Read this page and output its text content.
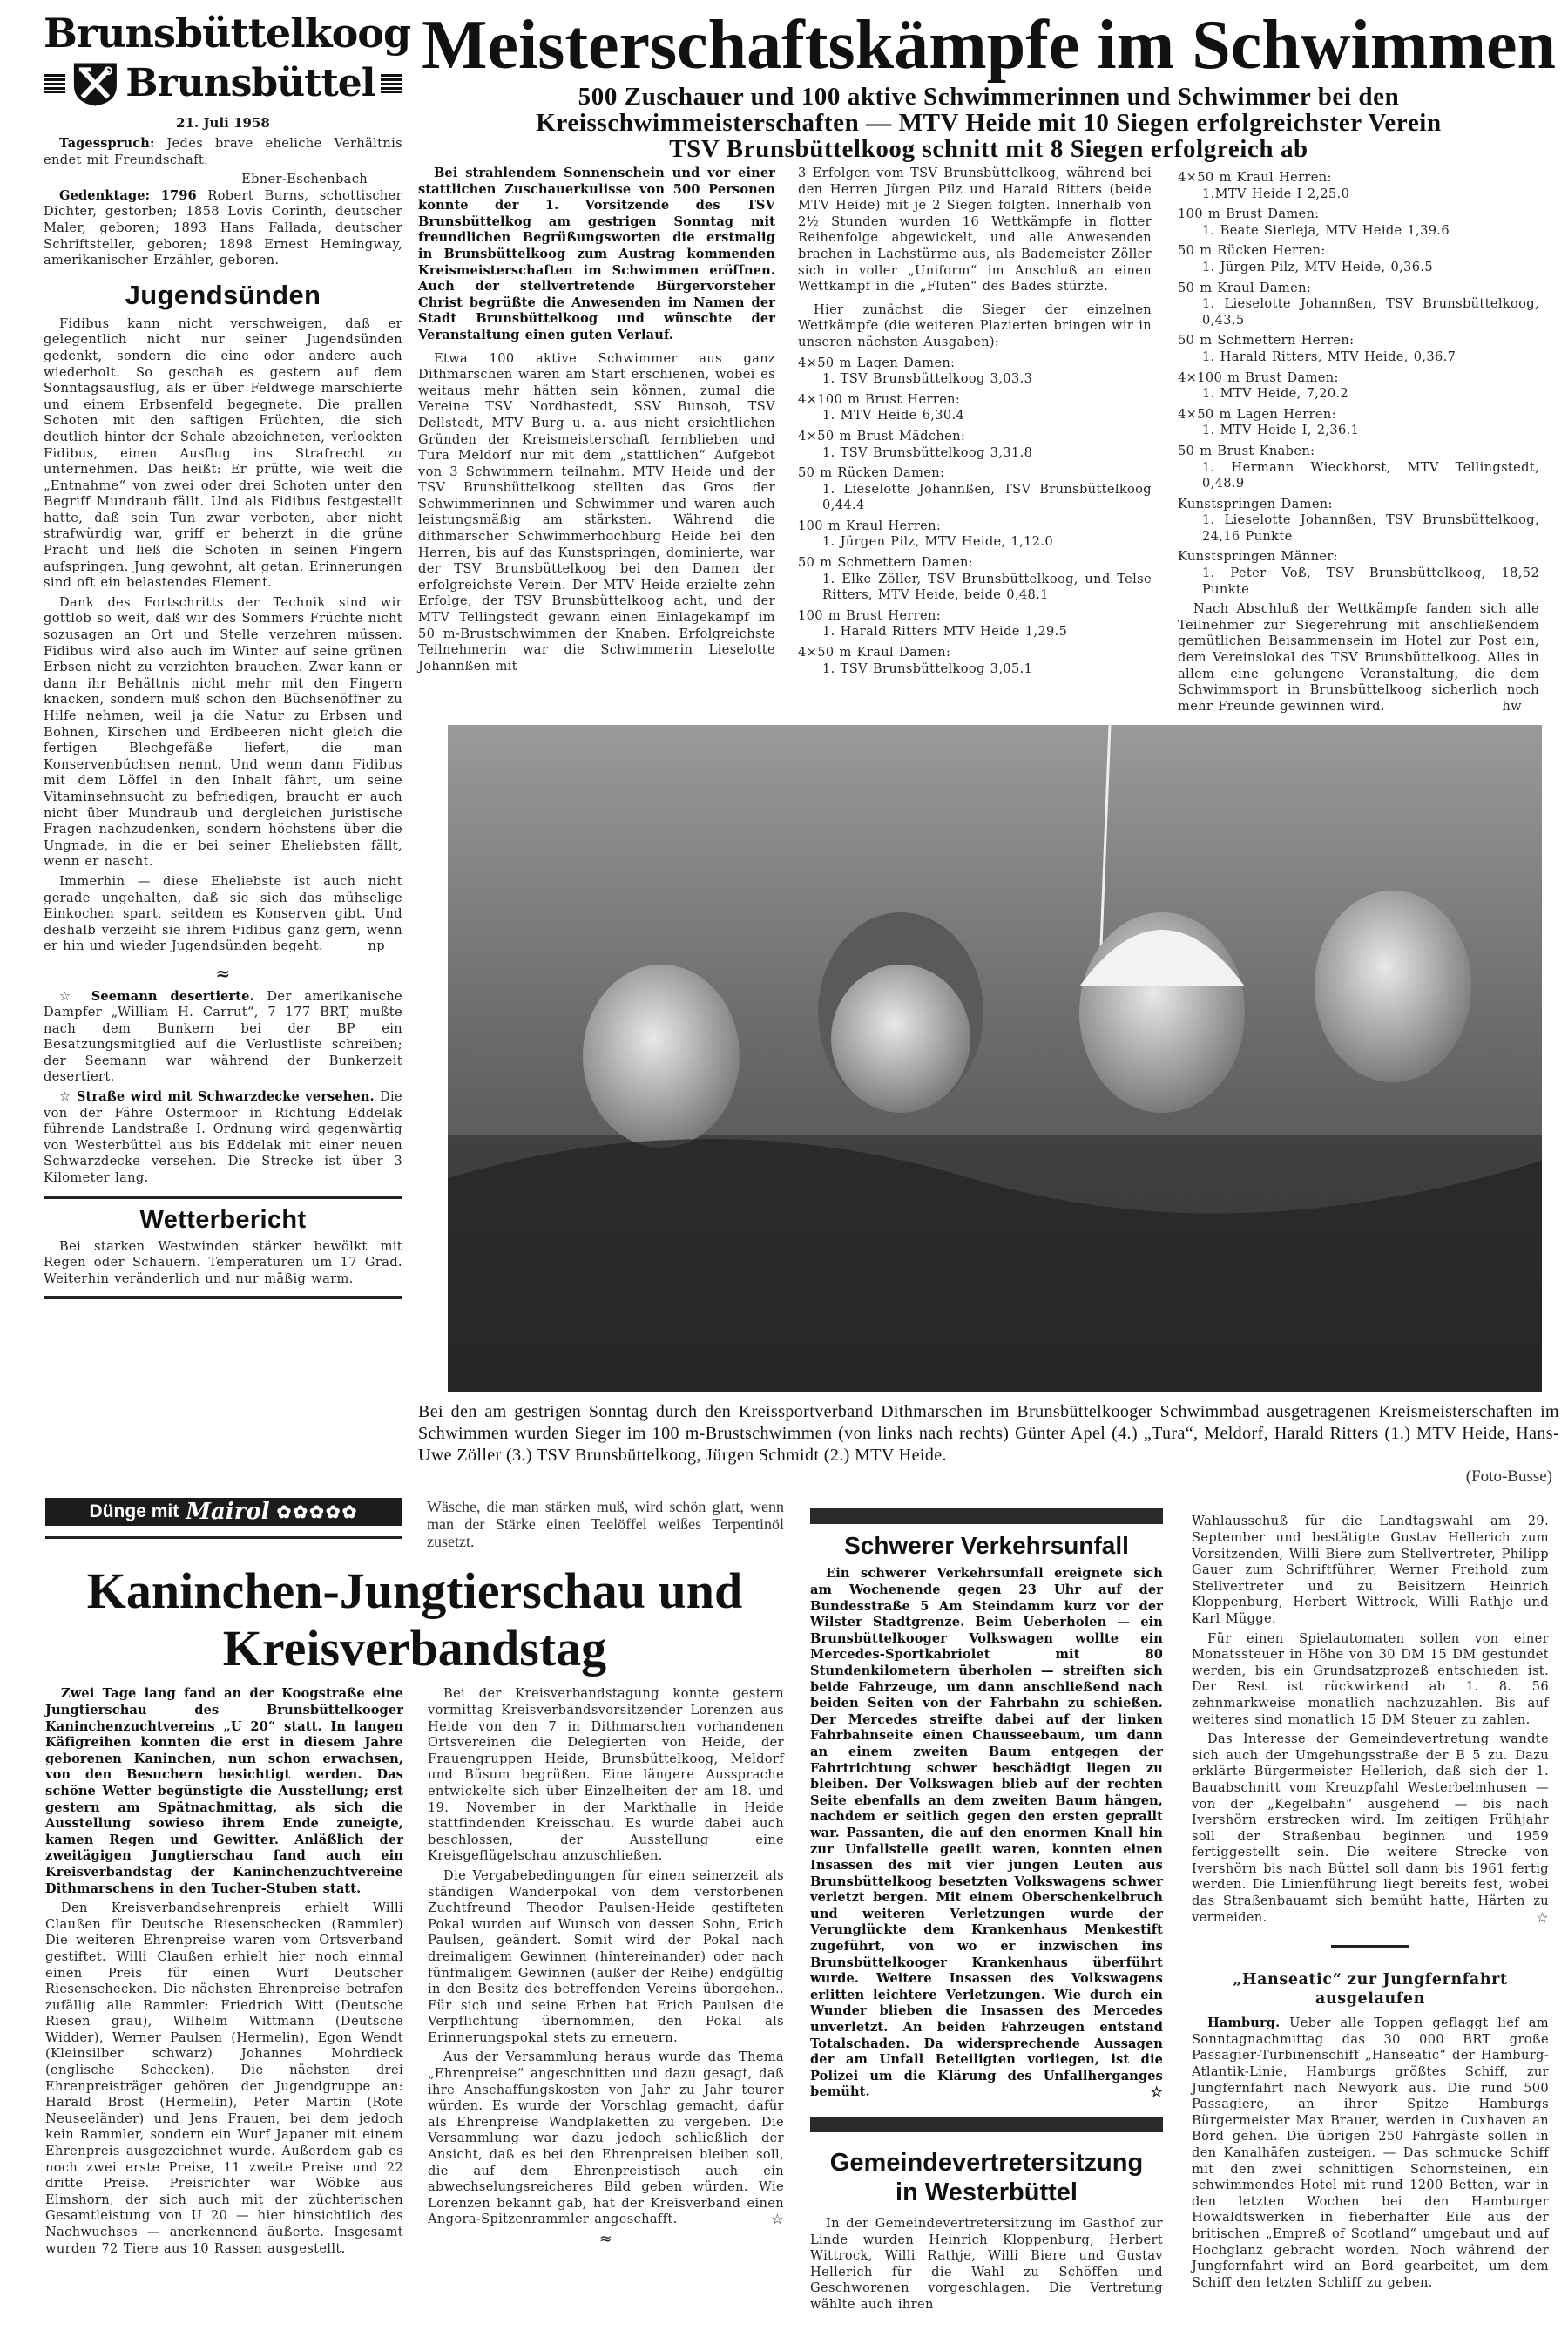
Brunsbüttelkoog
Brunsbüttel
21. Juli 1958

Tagesspruch: Jedes brave eheliche Verhältnis endet mit Freundschaft.

Ebner-Eschenbach

Gedenktage: 1796 Robert Burns, schottischer Dichter, gestorben; 1858 Lovis Corinth, deutscher Maler, geboren; 1893 Hans Fallada, deutscher Schriftsteller, geboren; 1898 Ernest Hemingway, amerikanischer Erzähler, geboren.

Jugendsünden

Fidibus kann nicht verschweigen, daß er gelegentlich nicht nur seiner Jugendsünden gedenkt, sondern die eine oder andere auch wiederholt. So geschah es gestern auf dem Sonntagsausflug, als er über Feldwege marschierte und einem Erbsenfeld begegnete. Die prallen Schoten mit den saftigen Früchten, die sich deutlich hinter der Schale abzeichneten, verlockten Fidibus, einen Ausflug ins Strafrecht zu unternehmen. Das heißt: Er prüfte, wie weit die „Entnahme“ von zwei oder drei Schoten unter den Begriff Mundraub fällt. Und als Fidibus festgestellt hatte, daß sein Tun zwar verboten, aber nicht strafwürdig war, griff er beherzt in die grüne Pracht und ließ die Schoten in seinen Fingern aufspringen. Jung gewohnt, alt getan. Erinnerungen sind oft ein belastendes Element.

Dank des Fortschritts der Technik sind wir gottlob so weit, daß wir des Sommers Früchte nicht sozusagen an Ort und Stelle verzehren müssen. Fidibus wird also auch im Winter auf seine grünen Erbsen nicht zu verzichten brauchen. Zwar kann er dann ihr Behältnis nicht mehr mit den Fingern knacken, sondern muß schon den Büchsenöffner zu Hilfe nehmen, weil ja die Natur zu Erbsen und Bohnen, Kirschen und Erdbeeren nicht gleich die fertigen Blechgefäße liefert, die man Konservenbüchsen nennt. Und wenn dann Fidibus mit dem Löffel in den Inhalt fährt, um seine Vitaminsehnsucht zu befriedigen, braucht er auch nicht über Mundraub und dergleichen juristische Fragen nachzudenken, sondern höchstens über die Ungnade, in die er bei seiner Eheliebsten fällt, wenn er nascht.

Immerhin — diese Eheliebste ist auch nicht gerade ungehalten, daß sie sich das mühselige Einkochen spart, seitdem es Konserven gibt. Und deshalb verzeiht sie ihrem Fidibus ganz gern, wenn er hin und wieder Jugendsünden begeht.	np

≈

☆ Seemann desertierte. Der amerikanische Dampfer „William H. Carrut“, 7 177 BRT, mußte nach dem Bunkern bei der BP ein Besatzungsmitglied auf die Verlustliste schreiben; der Seemann war während der Bunkerzeit desertiert.

☆ Straße wird mit Schwarzdecke versehen. Die von der Fähre Ostermoor in Richtung Eddelak führende Landstraße I. Ordnung wird gegenwärtig von Westerbüttel aus bis Eddelak mit einer neuen Schwarzdecke versehen. Die Strecke ist über 3 Kilometer lang.

Wetterbericht

Bei starken Westwinden stärker bewölkt mit Regen oder Schauern. Temperaturen um 17 Grad. Weiterhin veränderlich und nur mäßig warm.

Meisterschaftskämpfe im Schwimmen
500 Zuschauer und 100 aktive Schwimmerinnen und Schwimmer bei den
Kreisschwimmeisterschaften — MTV Heide mit 10 Siegen erfolgreichster Verein
TSV Brunsbüttelkoog schnitt mit 8 Siegen erfolgreich ab

Bei strahlendem Sonnenschein und vor einer stattlichen Zuschauerkulisse von 500 Personen konnte der 1. Vorsitzende des TSV Brunsbüttelkog am gestrigen Sonntag mit freundlichen Begrüßungsworten die erstmalig in Brunsbüttelkoog zum Austrag kommenden Kreismeisterschaften im Schwimmen eröffnen. Auch der stellvertretende Bürgervorsteher Christ begrüßte die Anwesenden im Namen der Stadt Brunsbüttelkoog und wünschte der Veranstaltung einen guten Verlauf.

Etwa 100 aktive Schwimmer aus ganz Dithmarschen waren am Start erschienen, wobei es weitaus mehr hätten sein können, zumal die Vereine TSV Nordhastedt, SSV Bunsoh, TSV Dellstedt, MTV Burg u. a. aus nicht ersichtlichen Gründen der Kreismeisterschaft fernblieben und Tura Meldorf nur mit dem „stattlichen“ Aufgebot von 3 Schwimmern teilnahm. MTV Heide und der TSV Brunsbüttelkoog stellten das Gros der Schwimmerinnen und Schwimmer und waren auch leistungsmäßig am stärksten. Während die dithmarscher Schwimmerhochburg Heide bei den Herren, bis auf das Kunstspringen, dominierte, war der TSV Brunsbüttelkoog bei den Damen der erfolgreichste Verein. Der MTV Heide erzielte zehn Erfolge, der TSV Brunsbüttelkoog acht, und der MTV Tellingstedt gewann einen Einlagekampf im 50 m-Brustschwimmen der Knaben. Erfolgreichste Teilnehmerin war die Schwimmerin Lieselotte Johannßen mit

3 Erfolgen vom TSV Brunsbüttelkoog, während bei den Herren Jürgen Pilz und Harald Ritters (beide MTV Heide) mit je 2 Siegen folgten. Innerhalb von 2½ Stunden wurden 16 Wettkämpfe in flotter Reihenfolge abgewickelt, und alle Anwesenden brachen in Lachstürme aus, als Bademeister Zöller sich in voller „Uniform“ im Anschluß an einen Wettkampf in die „Fluten“ des Bades stürzte.

Hier zunächst die Sieger der einzelnen Wettkämpfe (die weiteren Plazierten bringen wir in unseren nächsten Ausgaben):

4×50 m Lagen Damen:

1. TSV Brunsbüttelkoog 3,03.3

4×100 m Brust Herren:

1. MTV Heide 6,30.4

4×50 m Brust Mädchen:

1. TSV Brunsbüttelkoog 3,31.8

50 m Rücken Damen:

1. Lieselotte Johannßen, TSV Brunsbüttelkoog 0,44.4

100 m Kraul Herren:

1. Jürgen Pilz, MTV Heide, 1,12.0

50 m Schmettern Damen:

1. Elke Zöller, TSV Brunsbüttelkoog, und Telse Ritters, MTV Heide, beide 0,48.1

100 m Brust Herren:

1. Harald Ritters MTV Heide 1,29.5

4×50 m Kraul Damen:

1. TSV Brunsbüttelkoog 3,05.1

4×50 m Kraul Herren:

1.MTV Heide I 2,25.0

100 m Brust Damen:

1. Beate Sierleja, MTV Heide 1,39.6

50 m Rücken Herren:

1. Jürgen Pilz, MTV Heide, 0,36.5

50 m Kraul Damen:

1. Lieselotte Johannßen, TSV Brunsbüttelkoog, 0,43.5

50 m Schmettern Herren:

1. Harald Ritters, MTV Heide, 0,36.7

4×100 m Brust Damen:

1. MTV Heide, 7,20.2

4×50 m Lagen Herren:

1. MTV Heide I, 2,36.1

50 m Brust Knaben:

1. Hermann Wieckhorst, MTV Tellingstedt, 0,48.9

Kunstspringen Damen:

1. Lieselotte Johannßen, TSV Brunsbüttelkoog, 24,16 Punkte

Kunstspringen Männer:

1. Peter Voß, TSV Brunsbüttelkoog, 18,52 Punkte

Nach Abschluß der Wettkämpfe fanden sich alle Teilnehmer zur Siegerehrung mit anschließendem gemütlichen Beisammensein im Hotel zur Post ein, dem Vereinslokal des TSV Brunsbüttelkoog. Alles in allem eine gelungene Veranstaltung, die dem Schwimmsport in Brunsbüttelkoog sicherlich noch mehr Freunde gewinnen wird.	hw

Bei den am gestrigen Sonntag durch den Kreissportverband Dithmarschen im Brunsbüttelkooger Schwimmbad ausgetragenen Kreismeisterschaften im Schwimmen wurden Sieger im 100 m-Brustschwimmen (von links nach rechts) Günter Apel (4.) „Tura“, Meldorf, Harald Ritters (1.) MTV Heide, Hans-Uwe Zöller (3.) TSV Brunsbüttelkoog, Jürgen Schmidt (2.) MTV Heide.
(Foto-Busse)
Dünge mit Mairol ✿✿✿✿✿	Wäsche, die man stärken muß, wird schön glatt, wenn man der Stärke einen Teelöffel weißes Terpentinöl zusetzt.
Kaninchen-Jungtierschau und
Kreisverbandstag

Zwei Tage lang fand an der Koogstraße eine Jungtierschau des Brunsbüttelkooger Kaninchenzuchtvereins „U 20“ statt. In langen Käfigreihen konnten die erst in diesem Jahre geborenen Kaninchen, nun schon erwachsen, von den Besuchern besichtigt werden. Das schöne Wetter begünstigte die Ausstellung; erst gestern am Spätnachmittag, als sich die Ausstellung sowieso ihrem Ende zuneigte, kamen Regen und Gewitter. Anläßlich der zweitägigen Jungtierschau fand auch ein Kreisverbandstag der Kaninchenzuchtvereine Dithmarschens in den Tucher-Stuben statt.

Den Kreisverbandsehrenpreis erhielt Willi Claußen für Deutsche Riesenschecken (Rammler) Die weiteren Ehrenpreise waren vom Ortsverband gestiftet. Willi Claußen erhielt hier noch einmal einen Preis für einen Wurf Deutscher Riesenschecken. Die nächsten Ehrenpreise betrafen zufällig alle Rammler: Friedrich Witt (Deutsche Riesen grau), Wilhelm Wittmann (Deutsche Widder), Werner Paulsen (Hermelin), Egon Wendt (Kleinsilber schwarz) Johannes Mohrdieck (englische Schecken). Die nächsten drei Ehrenpreisträger gehören der Jugendgruppe an: Harald Brost (Hermelin), Peter Martin (Rote Neuseeländer) und Jens Frauen, bei dem jedoch kein Rammler, sondern ein Wurf Japaner mit einem Ehrenpreis ausgezeichnet wurde. Außerdem gab es noch zwei erste Preise, 11 zweite Preise und 22 dritte Preise. Preisrichter war Wöbke aus Elmshorn, der sich auch mit der züchterischen Gesamtleistung von U 20 — hier hinsichtlich des Nachwuchses — anerkennend äußerte. Insgesamt wurden 72 Tiere aus 10 Rassen ausgestellt.

Bei der Kreisverbandstagung konnte gestern vormittag Kreisverbandsvorsitzender Lorenzen aus Heide von den 7 in Dithmarschen vorhandenen Ortsvereinen die Delegierten von Heide, der Frauengruppen Heide, Brunsbüttelkoog, Meldorf und Büsum begrüßen. Eine längere Aussprache entwickelte sich über Einzelheiten der am 18. und 19. November in der Markthalle in Heide stattfindenden Kreisschau. Es wurde dabei auch beschlossen, der Ausstellung eine Kreisgeflügelschau anzuschließen.

Die Vergabebedingungen für einen seinerzeit als ständigen Wanderpokal von dem verstorbenen Zuchtfreund Theodor Paulsen-Heide gestifteten Pokal wurden auf Wunsch von dessen Sohn, Erich Paulsen, geändert. Somit wird der Pokal nach dreimaligem Gewinnen (hintereinander) oder nach fünfmaligem Gewinnen (außer der Reihe) endgültig in den Besitz des betreffenden Vereins übergehen.. Für sich und seine Erben hat Erich Paulsen die Verpflichtung übernommen, den Pokal als Erinnerungspokal stets zu erneuern.

Aus der Versammlung heraus wurde das Thema „Ehrenpreise“ angeschnitten und dazu gesagt, daß ihre Anschaffungskosten von Jahr zu Jahr teurer würden. Es wurde der Vorschlag gemacht, dafür als Ehrenpreise Wandplaketten zu vergeben. Die Versammlung war dazu jedoch schließlich der Ansicht, daß es bei den Ehrenpreisen bleiben soll, die auf dem Ehrenpreistisch auch ein abwechselungsreicheres Bild geben würden. Wie Lorenzen bekannt gab, hat der Kreisverband einen Angora-Spitzenrammler angeschafft.	☆

≈
Schwerer Verkehrsunfall

Ein schwerer Verkehrsunfall ereignete sich am Wochenende gegen 23 Uhr auf der Bundesstraße 5 Am Steindamm kurz vor der Wilster Stadtgrenze. Beim Ueberholen — ein Brunsbüttelkooger Volkswagen wollte ein Mercedes-Sportkabriolet mit 80 Stundenkilometern überholen — streiften sich beide Fahrzeuge, um dann anschließend nach beiden Seiten von der Fahrbahn zu schießen. Der Mercedes streifte dabei auf der linken Fahrbahnseite einen Chausseebaum, um dann an einem zweiten Baum entgegen der Fahrtrichtung schwer beschädigt liegen zu bleiben. Der Volkswagen blieb auf der rechten Seite ebenfalls an dem zweiten Baum hängen, nachdem er seitlich gegen den ersten geprallt war. Passanten, die auf den enormen Knall hin zur Unfallstelle geeilt waren, konnten einen Insassen des mit vier jungen Leuten aus Brunsbüttelkoog besetzten Volkswagens schwer verletzt bergen. Mit einem Oberschenkelbruch und weiteren Verletzungen wurde der Verunglückte dem Krankenhaus Menkestift zugeführt, von wo er inzwischen ins Brunsbüttelkooger Krankenhaus überführt wurde. Weitere Insassen des Volkswagens erlitten leichtere Verletzungen. Wie durch ein Wunder blieben die Insassen des Mercedes unverletzt. An beiden Fahrzeugen entstand Totalschaden. Da widersprechende Aussagen der am Unfall Beteiligten vorliegen, ist die Polizei um die Klärung des Unfallherganges bemüht.	☆

Gemeindevertretersitzung
in Westerbüttel

In der Gemeindevertretersitzung im Gasthof zur Linde wurden Heinrich Kloppenburg, Herbert Wittrock, Willi Rathje, Willi Biere und Gustav Hellerich für die Wahl zu Schöffen und Geschworenen vorgeschlagen. Die Vertretung wählte auch ihren

Wahlausschuß für die Landtagswahl am 29. September und bestätigte Gustav Hellerich zum Vorsitzenden, Willi Biere zum Stellvertreter, Philipp Gauer zum Schriftführer, Werner Freihold zum Stellvertreter und zu Beisitzern Heinrich Kloppenburg, Herbert Wittrock, Willi Rathje und Karl Mügge.

Für einen Spielautomaten sollen von einer Monatssteuer in Höhe von 30 DM 15 DM gestundet werden, bis ein Grundsatzprozeß entschieden ist. Der Rest ist rückwirkend ab 1. 8. 56 zehnmarkweise monatlich nachzuzahlen. Bis auf weiteres sind monatlich 15 DM Steuer zu zahlen.

Das Interesse der Gemeindevertretung wandte sich auch der Umgehungsstraße der B 5 zu. Dazu erklärte Bürgermeister Hellerich, daß sich der 1. Bauabschnitt vom Kreuzpfahl Westerbelmhusen — von der „Kegelbahn“ ausgehend — bis nach Ivershörn erstrecken wird. Im zeitigen Frühjahr soll der Straßenbau beginnen und 1959 fertiggestellt sein. Die weitere Strecke von Ivershörn bis nach Büttel soll dann bis 1961 fertig werden. Die Linienführung liegt bereits fest, wobei das Straßenbauamt sich bemüht hatte, Härten zu vermeiden.	☆

„Hanseatic“ zur Jungfernfahrt ausgelaufen

Hamburg. Ueber alle Toppen geflaggt lief am Sonntagnachmittag das 30 000 BRT große Passagier-Turbinenschiff „Hanseatic“ der Hamburg-Atlantik-Linie, Hamburgs größtes Schiff, zur Jungfernfahrt nach Newyork aus. Die rund 500 Passagiere, an ihrer Spitze Hamburgs Bürgermeister Max Brauer, werden in Cuxhaven an Bord gehen. Die übrigen 250 Fahrgäste sollen in den Kanalhäfen zusteigen. — Das schmucke Schiff mit den zwei schnittigen Schornsteinen, ein schwimmendes Hotel mit rund 1200 Betten, war in den letzten Wochen bei den Hamburger Howaldtswerken in fieberhafter Eile aus der britischen „Empreß of Scotland“ umgebaut und auf Hochglanz gebracht worden. Noch während der Jungfernfahrt wird an Bord gearbeitet, um dem Schiff den letzten Schliff zu geben.
